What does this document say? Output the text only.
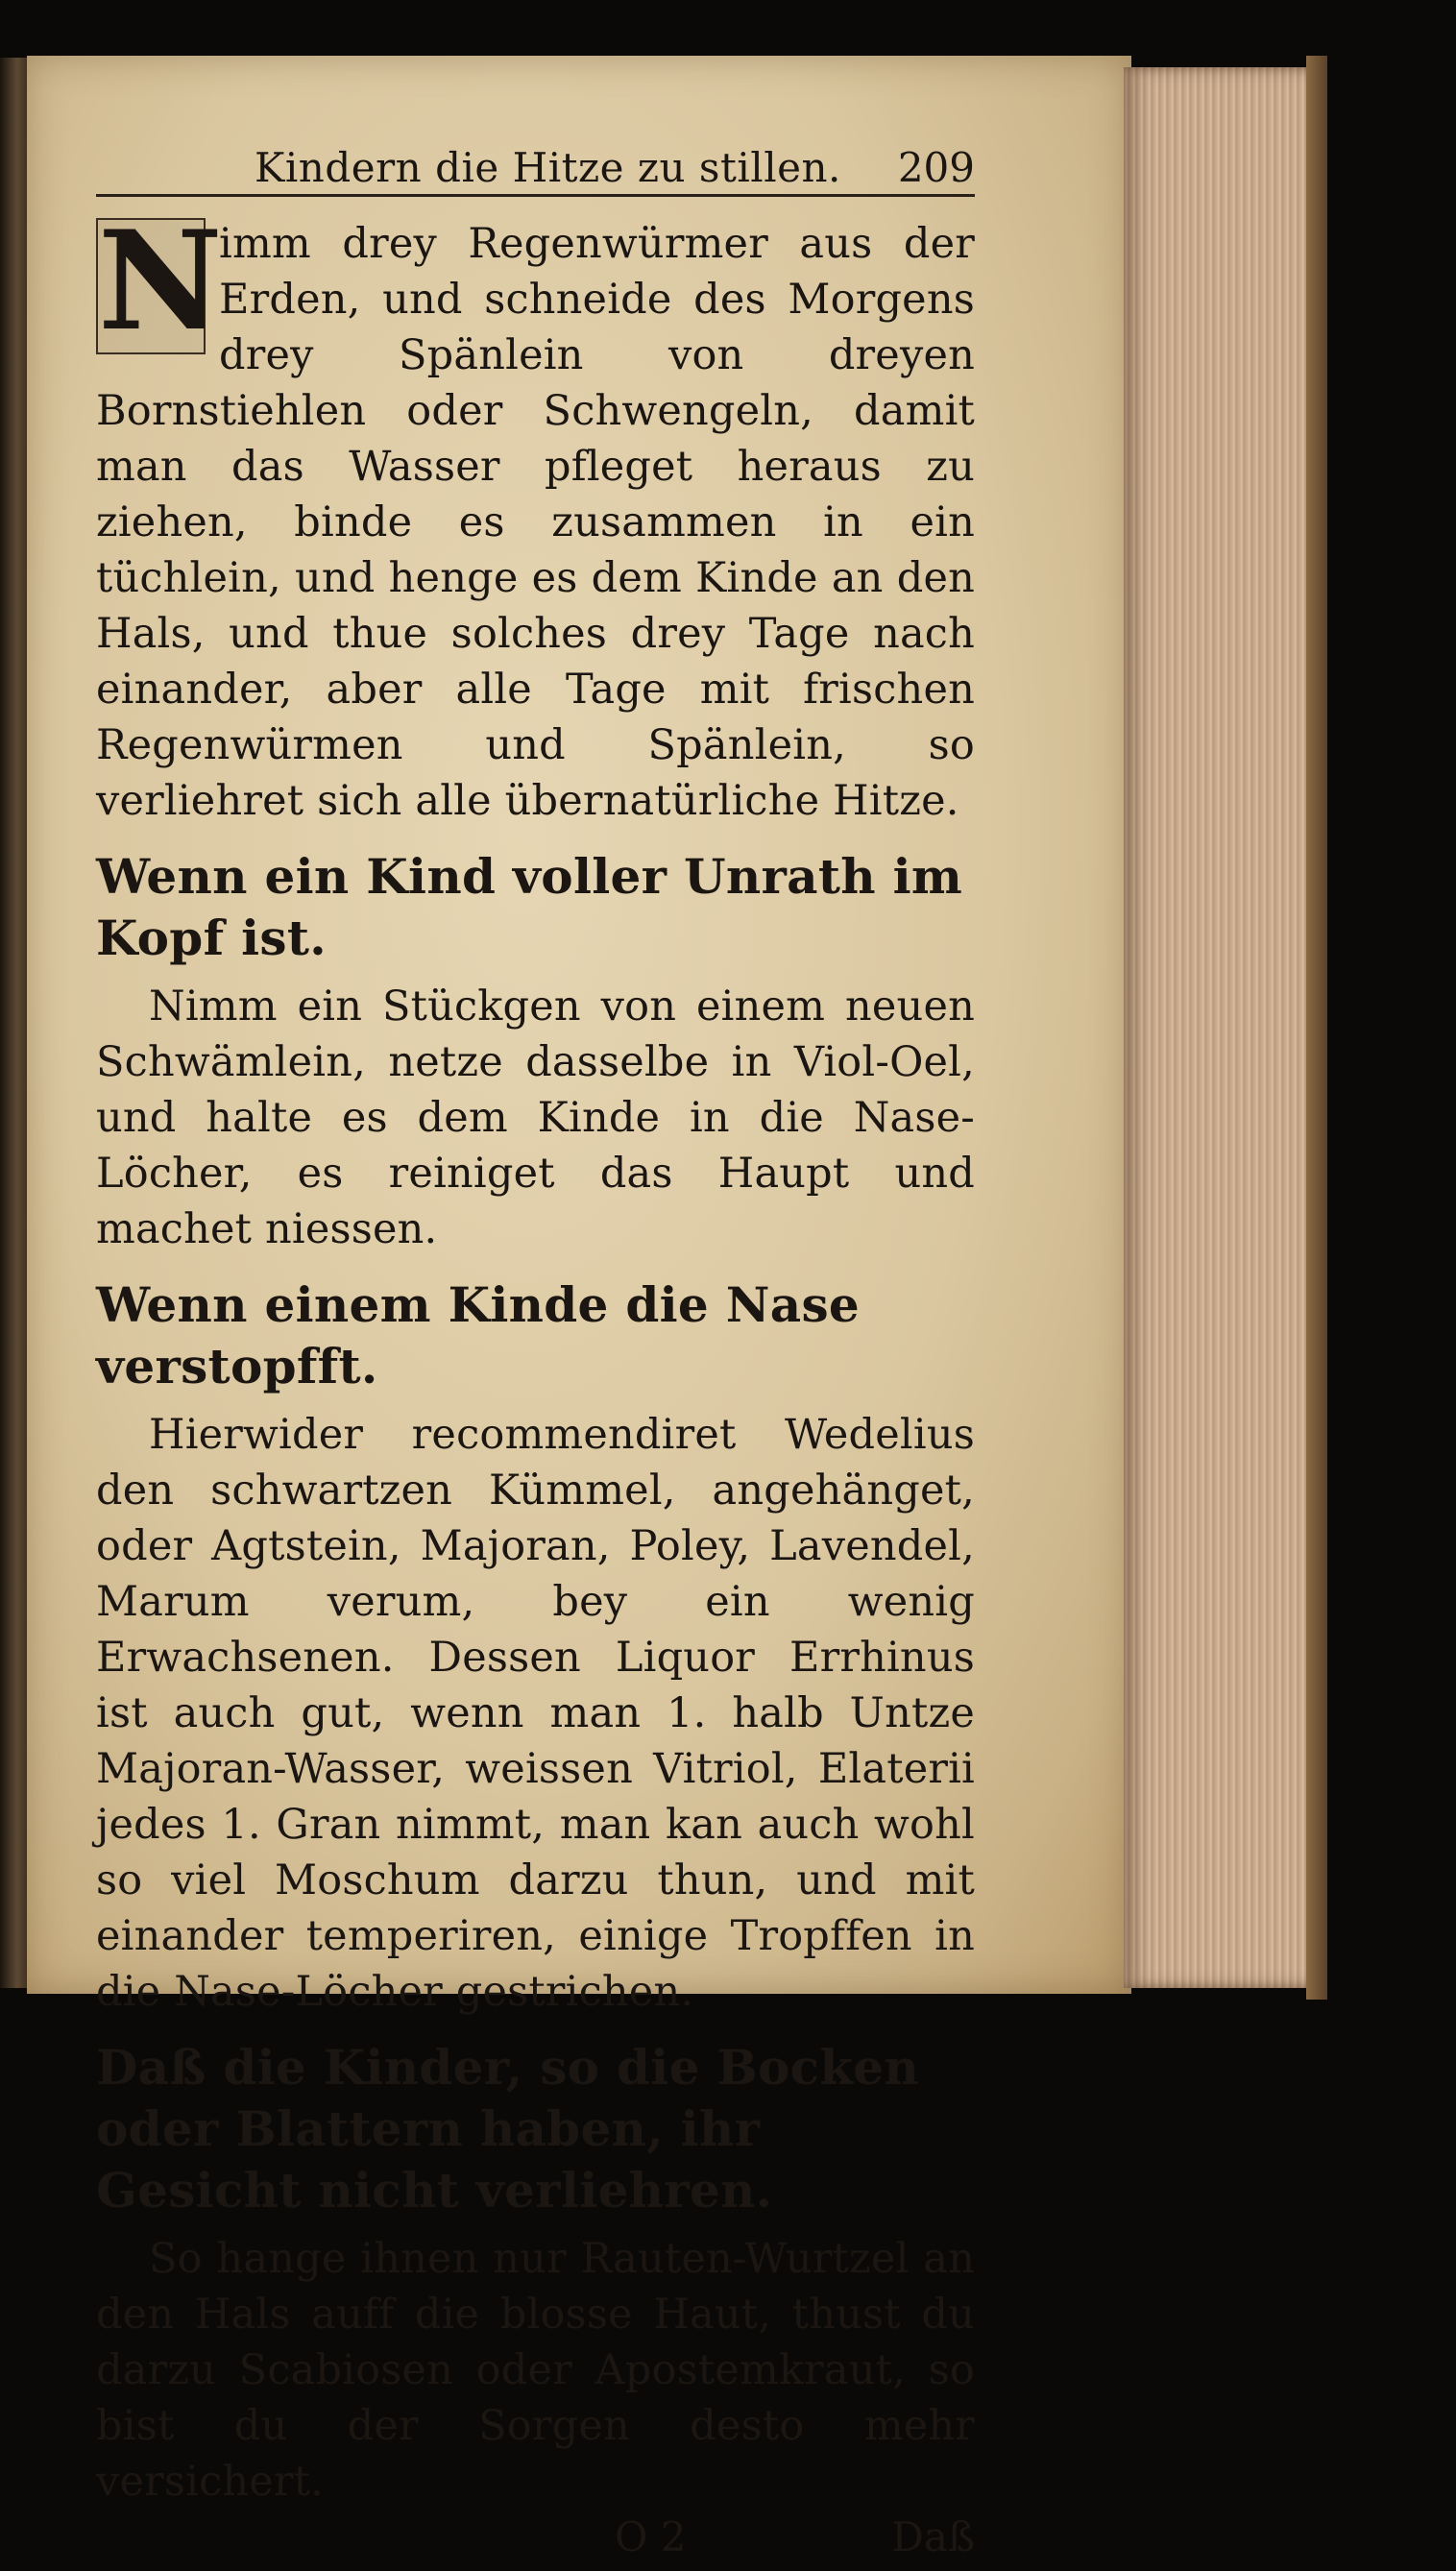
Kindern die Hitze zu stillen. 209

N
imm drey Regenwürmer aus der Erden, und schneide des Morgens drey Spänlein von dreyen Bornstiehlen oder Schwengeln, damit man das Wasser pfleget heraus zu ziehen, binde es zusammen in ein tüchlein, und henge es dem Kinde an den Hals, und thue solches drey Tage nach einander, aber alle Tage mit frischen Regenwürmen und Spänlein, so verliehret sich alle übernatürliche Hitze.

Wenn ein Kind voller Unrath im Kopf ist.

Nimm ein Stückgen von einem neuen Schwämlein, netze dasselbe in Viol-Oel, und halte es dem Kinde in die Nase-Löcher, es reiniget das Haupt und machet niessen.

Wenn einem Kinde die Nase verstopfft.

Hierwider recommendiret Wedelius den schwartzen Kümmel, angehänget, oder Agtstein, Majoran, Poley, Lavendel, Marum verum, bey ein wenig Erwachsenen. Dessen Liquor Errhinus ist auch gut, wenn man 1. halb Untze Majoran-Wasser, weissen Vitriol, Elaterii jedes 1. Gran nimmt, man kan auch wohl so viel Moschum darzu thun, und mit einander temperiren, einige Tropffen in die Nase-Löcher gestrichen.

Daß die Kinder, so die Bocken oder Blattern haben, ihr Gesicht nicht verliehren.

So hange ihnen nur Rauten-Wurtzel an den Hals auff die blosse Haut, thust du darzu Scabiosen oder Apostemkraut, so bist du der Sorgen desto mehr versichert.

O 2	Daß
